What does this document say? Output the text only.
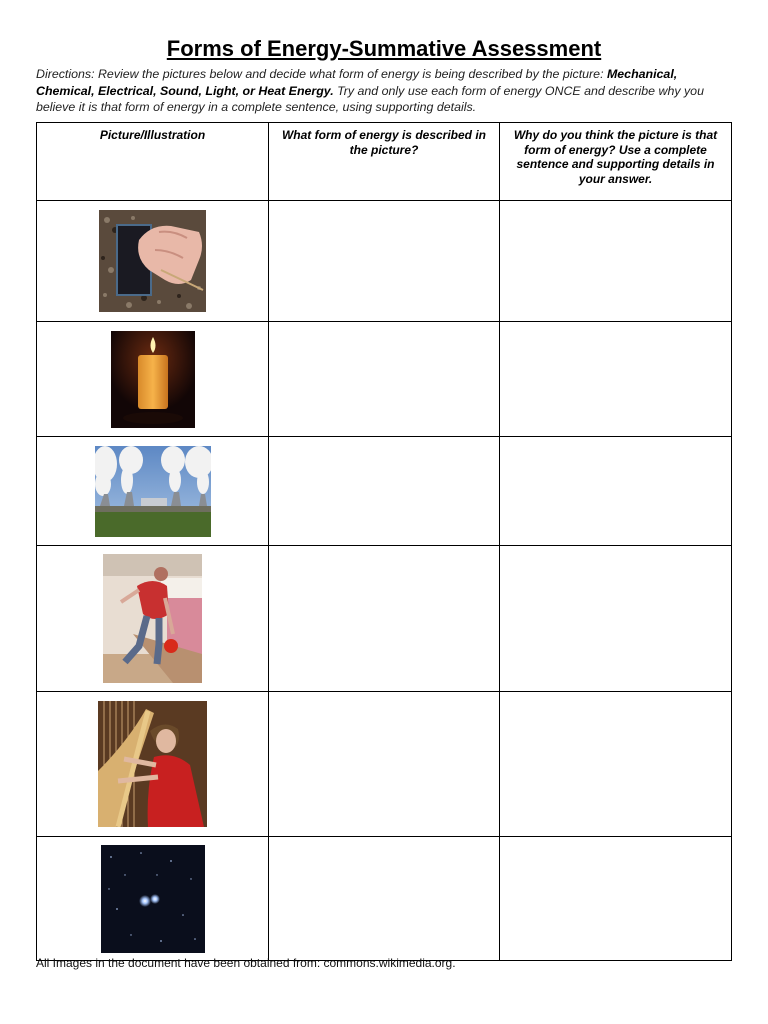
Forms of Energy-Summative Assessment
Directions: Review the pictures below and decide what form of energy is being described by the picture: Mechanical, Chemical, Electrical, Sound, Light, or Heat Energy. Try and only use each form of energy ONCE and describe why you believe it is that form of energy in a complete sentence, using supporting details.
Picture/Illustration	What form of energy is described in the picture?	Why do you think the picture is that form of energy? Use a complete sentence and supporting details in your answer.

All Images in the document have been obtained from: commons.wikimedia.org.
